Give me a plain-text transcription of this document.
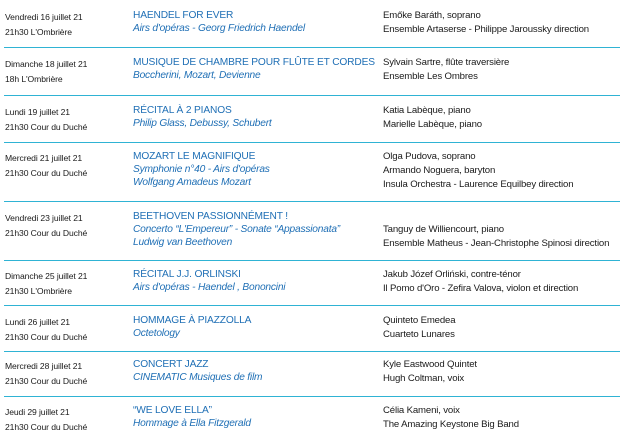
Vendredi 16 juillet 21
21h30 L'Ombrière
HAENDEL FOR EVER
Airs d'opéras - Georg Friedrich Haendel
Emőke Baráth, soprano
Ensemble Artaserse - Philippe Jaroussky direction
Dimanche 18 juillet 21
18h L'Ombrière
MUSIQUE DE CHAMBRE POUR FLÛTE ET CORDES
Boccherini, Mozart, Devienne
Sylvain Sartre, flûte traversière
Ensemble Les Ombres
Lundi 19 juillet 21
21h30 Cour du Duché
RÉCITAL À 2 PIANOS
Philip Glass, Debussy, Schubert
Katia Labèque, piano
Marielle Labèque, piano
Mercredi 21 juillet 21
21h30 Cour du Duché
MOZART LE MAGNIFIQUE
Symphonie n°40 - Airs d'opéras
Wolfgang Amadeus Mozart
Olga Pudova, soprano
Armando Noguera, baryton
Insula Orchestra - Laurence Equilbey direction
Vendredi 23 juillet 21
21h30 Cour du Duché
BEETHOVEN PASSIONNÉMENT !
Concerto “L'Empereur” - Sonate “Appassionata”
Ludwig van Beethoven
Tanguy de Williencourt, piano
Ensemble Matheus - Jean-Christophe Spinosi direction
Dimanche 25 juillet 21
21h30 L'Ombrière
RÉCITAL J.J. ORLINSKI
Airs d'opéras - Haendel , Bononcini
Jakub Józef Orliński, contre-ténor
Il Pomo d'Oro - Zefira Valova, violon et direction
Lundi 26 juillet 21
21h30 Cour du Duché
HOMMAGE À PIAZZOLLA
Octetology
Quinteto Emedea
Cuarteto Lunares
Mercredi 28 juillet 21
21h30 Cour du Duché
CONCERT JAZZ
CINEMATIC Musiques de film
Kyle Eastwood Quintet
Hugh Coltman, voix
Jeudi 29 juillet 21
21h30 Cour du Duché
“WE LOVE ELLA”
Hommage à Ella Fitzgerald
Célia Kameni, voix
The Amazing Keystone Big Band
